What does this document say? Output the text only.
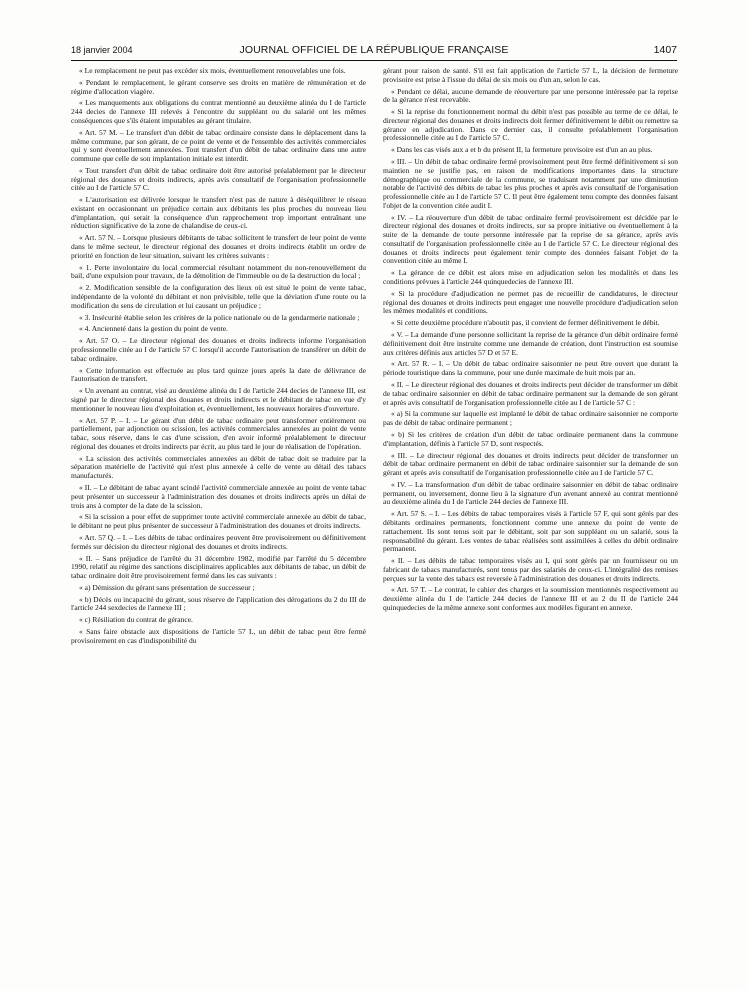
18 janvier 2004	JOURNAL OFFICIEL DE LA RÉPUBLIQUE FRANÇAISE	1407

« Le remplacement ne peut pas excéder six mois, éventuellement renouvelables une fois.

« Pendant le remplacement, le gérant conserve ses droits en matière de rémunération et de régime d'allocation viagère.

« Les manquements aux obligations du contrat mentionné au deuxième alinéa du I de l'article 244 decies de l'annexe III relevés à l'encontre du suppléant ou du salarié ont les mêmes conséquences que s'ils étaient imputables au gérant titulaire.

« Art. 57 M. – Le transfert d'un débit de tabac ordinaire consiste dans le déplacement dans la même commune, par son gérant, de ce point de vente et de l'ensemble des activités commerciales qui y sont éventuellement annexées. Tout transfert d'un débit de tabac ordinaire dans une autre commune que celle de son implantation initiale est interdit.

« Tout transfert d'un débit de tabac ordinaire doit être autorisé préalablement par le directeur régional des douanes et droits indirects, après avis consultatif de l'organisation professionnelle citée au I de l'article 57 C.

« L'autorisation est délivrée lorsque le transfert n'est pas de nature à déséquilibrer le réseau existant en occasionnant un préjudice certain aux débitants les plus proches du nouveau lieu d'implantation, qui serait la conséquence d'un rapprochement trop important entraînant une réduction significative de la zone de chalandise de ceux-ci.

« Art. 57 N. – Lorsque plusieurs débitants de tabac sollicitent le transfert de leur point de vente dans le même secteur, le directeur régional des douanes et droits indirects établit un ordre de priorité en fonction de leur situation, suivant les critères suivants :

« 1. Perte involontaire du local commercial résultant notamment du non-renouvellement du bail, d'une expulsion pour travaux, de la démolition de l'immeuble ou de la destruction du local ;

« 2. Modification sensible de la configuration des lieux où est situé le point de vente tabac, indépendante de la volonté du débitant et non prévisible, telle que la déviation d'une route ou la modification du sens de circulation et lui causant un préjudice ;

« 3. Insécurité établie selon les critères de la police nationale ou de la gendarmerie nationale ;

« 4. Ancienneté dans la gestion du point de vente.

« Art. 57 O. – Le directeur régional des douanes et droits indirects informe l'organisation professionnelle citée au I de l'article 57 C lorsqu'il accorde l'autorisation de transférer un débit de tabac ordinaire.

« Cette information est effectuée au plus tard quinze jours après la date de délivrance de l'autorisation de transfert.

« Un avenant au contrat, visé au deuxième alinéa du I de l'article 244 decies de l'annexe III, est signé par le directeur régional des douanes et droits indirects et le débitant de tabac en vue d'y mentionner le nouveau lieu d'exploitation et, éventuellement, les nouveaux horaires d'ouverture.

« Art. 57 P. – I. – Le gérant d'un débit de tabac ordinaire peut transformer entièrement ou partiellement, par adjonction ou scission, les activités commerciales annexées au point de vente tabac, sous réserve, dans le cas d'une scission, d'en avoir informé préalablement le directeur régional des douanes et droits indirects par écrit, au plus tard le jour de réalisation de l'opération.

« La scission des activités commerciales annexées au débit de tabac doit se traduire par la séparation matérielle de l'activité qui n'est plus annexée à celle de vente au détail des tabacs manufacturés.

« II. – Le débitant de tabac ayant scindé l'activité commerciale annexée au point de vente tabac peut présenter un successeur à l'administration des douanes et droits indirects après un délai de trois ans à compter de la date de la scission.

« Si la scission a pour effet de supprimer toute activité commerciale annexée au débit de tabac, le débitant ne peut plus présenter de successeur à l'administration des douanes et droits indirects.

« Art. 57 Q. – I. – Les débits de tabac ordinaires peuvent être provisoirement ou définitivement fermés sur décision du directeur régional des douanes et droits indirects.

« II. – Sans préjudice de l'arrêté du 31 décembre 1982, modifié par l'arrêté du 5 décembre 1990, relatif au régime des sanctions disciplinaires applicables aux débitants de tabac, un débit de tabac ordinaire doit être provisoirement fermé dans les cas suivants :

« a) Démission du gérant sans présentation de successeur ;

« b) Décès ou incapacité du gérant, sous réserve de l'application des dérogations du 2 du III de l'article 244 sexdecies de l'annexe III ;

« c) Résiliation du contrat de gérance.

« Sans faire obstacle aux dispositions de l'article 57 L, un débit de tabac peut être fermé provisoirement en cas d'indisponibilité du

gérant pour raison de santé. S'il est fait application de l'article 57 L, la décision de fermeture provisoire est prise à l'issue du délai de six mois ou d'un an, selon le cas.

« Pendant ce délai, aucune demande de réouverture par une personne intéressée par la reprise de la gérance n'est recevable.

« Si la reprise du fonctionnement normal du débit n'est pas possible au terme de ce délai, le directeur régional des douanes et droits indirects doit fermer définitivement le débit ou remettre sa gérance en adjudication. Dans ce dernier cas, il consulte préalablement l'organisation professionnelle citée au I de l'article 57 C.

« Dans les cas visés aux a et b du présent II, la fermeture provisoire est d'un an au plus.

« III. – Un débit de tabac ordinaire fermé provisoirement peut être fermé définitivement si son maintien ne se justifie pas, en raison de modifications importantes dans la structure démographique ou commerciale de la commune, se traduisant notamment par une diminution notable de l'activité des débits de tabac les plus proches et après avis consultatif de l'organisation professionnelle citée au I de l'article 57 C. Il peut être également tenu compte des données faisant l'objet de la convention citée audit I.

« IV. – La réouverture d'un débit de tabac ordinaire fermé provisoirement est décidée par le directeur régional des douanes et droits indirects, sur sa propre initiative ou éventuellement à la suite de la demande de toute personne intéressée par la reprise de sa gérance, après avis consultatif de l'organisation professionnelle citée au I de l'article 57 C. Le directeur régional des douanes et droits indirects peut également tenir compte des données faisant l'objet de la convention citée au même I.

« La gérance de ce débit est alors mise en adjudication selon les modalités et dans les conditions prévues à l'article 244 quinquedecies de l'annexe III.

« Si la procédure d'adjudication ne permet pas de recueillir de candidatures, le directeur régional des douanes et droits indirects peut engager une nouvelle procédure d'adjudication selon les mêmes modalités et conditions.

« Si cette deuxième procédure n'aboutit pas, il convient de fermer définitivement le débit.

« V. – La demande d'une personne sollicitant la reprise de la gérance d'un débit ordinaire fermé définitivement doit être instruite comme une demande de création, dont l'instruction est soumise aux critères définis aux articles 57 D et 57 E.

« Art. 57 R. – I. – Un débit de tabac ordinaire saisonnier ne peut être ouvert que durant la période touristique dans la commune, pour une durée maximale de huit mois par an.

« II. – Le directeur régional des douanes et droits indirects peut décider de transformer un débit de tabac ordinaire saisonnier en débit de tabac ordinaire permanent sur la demande de son gérant et après avis consultatif de l'organisation professionnelle citée au I de l'article 57 C :

« a) Si la commune sur laquelle est implanté le débit de tabac ordinaire saisonnier ne comporte pas de débit de tabac ordinaire permanent ;

« b) Si les critères de création d'un débit de tabac ordinaire permanent dans la commune d'implantation, définis à l'article 57 D, sont respectés.

« III. – Le directeur régional des douanes et droits indirects peut décider de transformer un débit de tabac ordinaire permanent en débit de tabac ordinaire saisonnier sur la demande de son gérant et après avis consultatif de l'organisation professionnelle citée au I de l'article 57 C.

« IV. – La transformation d'un débit de tabac ordinaire saisonnier en débit de tabac ordinaire permanent, ou inversement, donne lieu à la signature d'un avenant annexé au contrat mentionné au deuxième alinéa du I de l'article 244 decies de l'annexe III.

« Art. 57 S. – I. – Les débits de tabac temporaires visés à l'article 57 F, qui sont gérés par des débitants ordinaires permanents, fonctionnent comme une annexe du point de vente de rattachement. Ils sont tenus soit par le débitant, soit par son suppléant ou un salarié, sous la responsabilité du gérant. Les ventes de tabac réalisées sont assimilées à celles du débit ordinaire permanent.

« II. – Les débits de tabac temporaires visés au I, qui sont gérés par un fournisseur ou un fabricant de tabacs manufacturés, sont tenus par des salariés de ceux-ci. L'intégralité des remises perçues sur la vente des tabacs est reversée à l'administration des douanes et droits indirects.

« Art. 57 T. – Le contrat, le cahier des charges et la soumission mentionnés respectivement au deuxième alinéa du I de l'article 244 decies de l'annexe III et au 2 du II de l'article 244 quinquedecies de la même annexe sont conformes aux modèles figurant en annexe.
